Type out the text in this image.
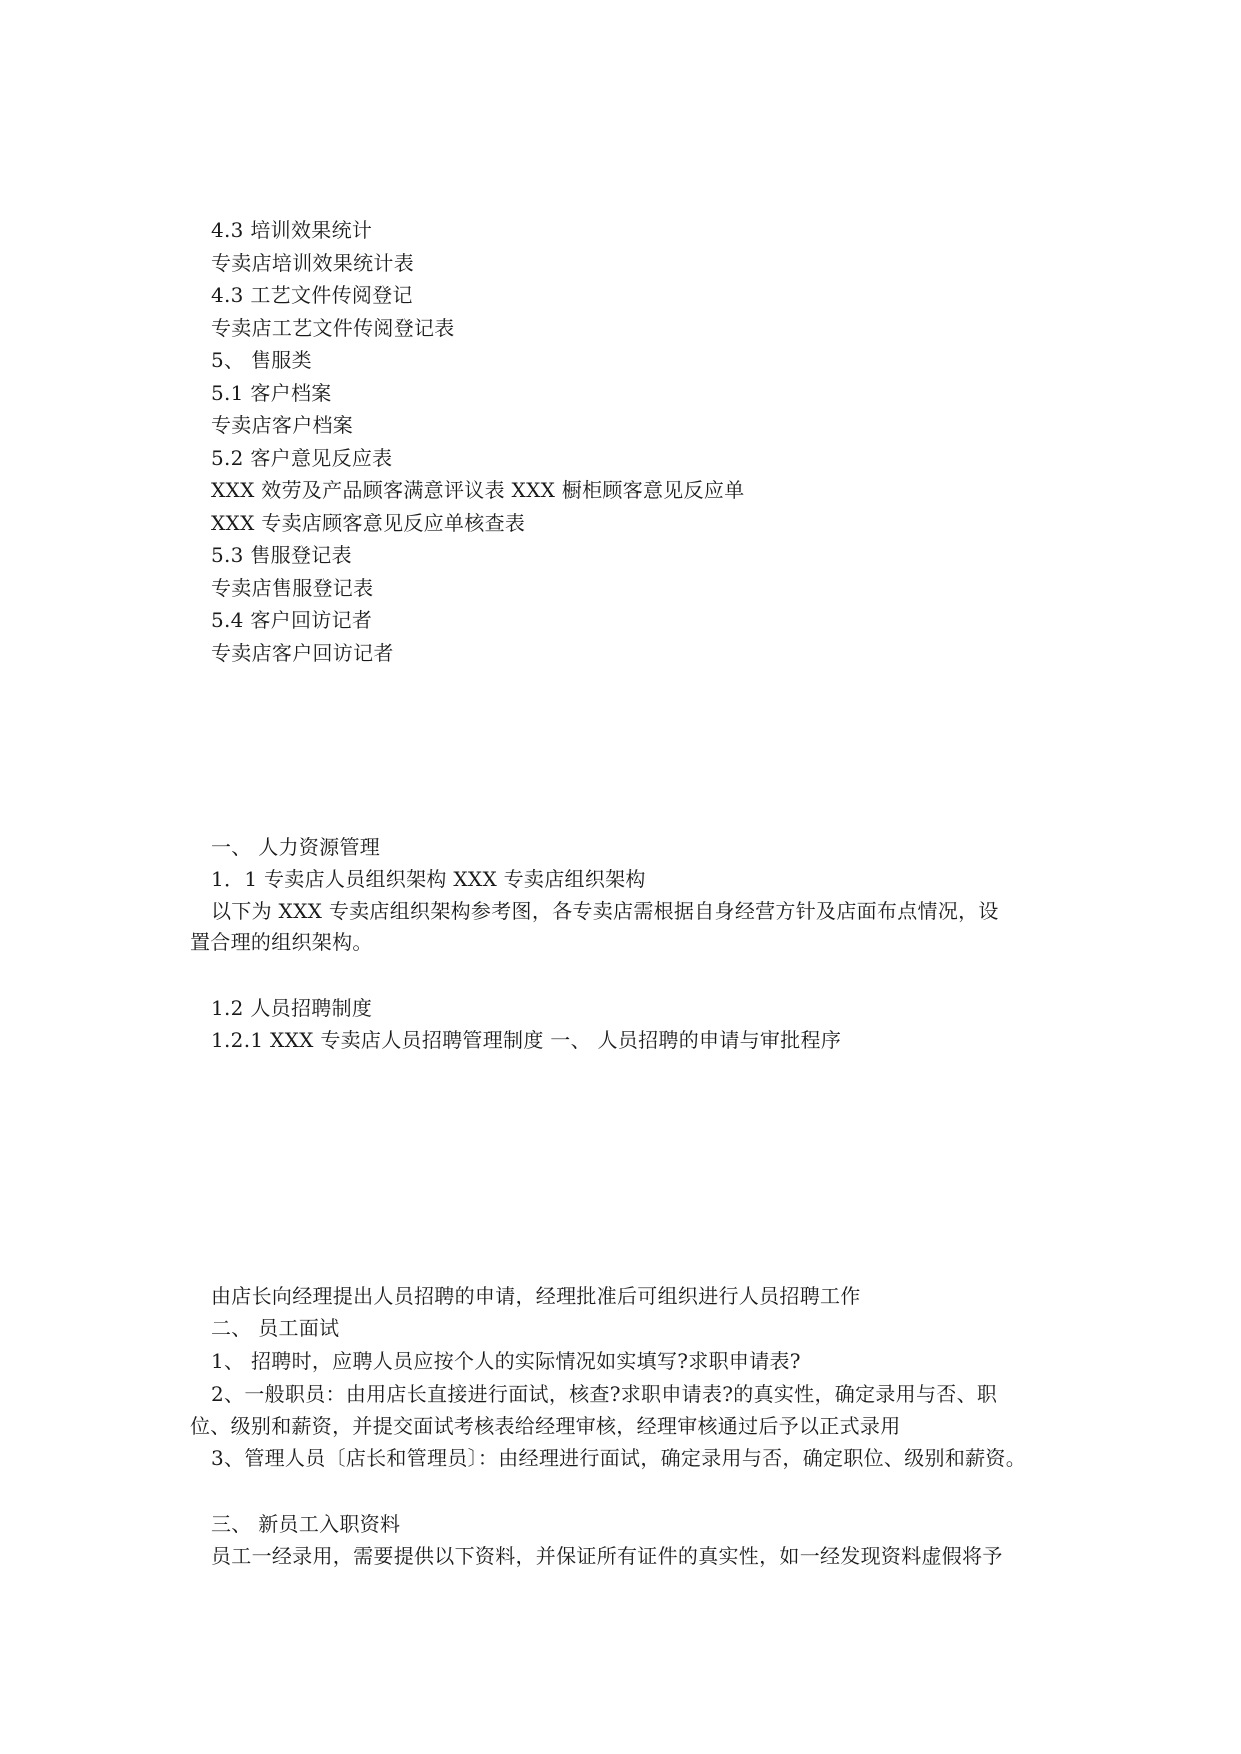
4.3 培训效果统计
专卖店培训效果统计表
4.3 工艺文件传阅登记
专卖店工艺文件传阅登记表
5、 售服类
5.1 客户档案
专卖店客户档案
5.2 客户意见反应表
XXX 效劳及产品顾客满意评议表 XXX 橱柜顾客意见反应单
XXX 专卖店顾客意见反应单核查表
5.3 售服登记表
专卖店售服登记表
5.4 客户回访记者
专卖店客户回访记者
一、 人力资源管理
1．1 专卖店人员组织架构 XXX 专卖店组织架构
以下为 XXX 专卖店组织架构参考图，各专卖店需根据自身经营方针及店面布点情况，设
置合理的组织架构。
1.2 人员招聘制度
1.2.1 XXX 专卖店人员招聘管理制度 一、 人员招聘的申请与审批程序
由店长向经理提出人员招聘的申请，经理批准后可组织进行人员招聘工作
二、 员工面试
1、 招聘时，应聘人员应按个人的实际情况如实填写?求职申请表?
2、一般职员：由用店长直接进行面试，核查?求职申请表?的真实性，确定录用与否、职
位、级别和薪资，并提交面试考核表给经理审核，经理审核通过后予以正式录用
3、管理人员〔店长和管理员〕：由经理进行面试，确定录用与否，确定职位、级别和薪资。
三、 新员工入职资料
员工一经录用，需要提供以下资料，并保证所有证件的真实性，如一经发现资料虚假将予
